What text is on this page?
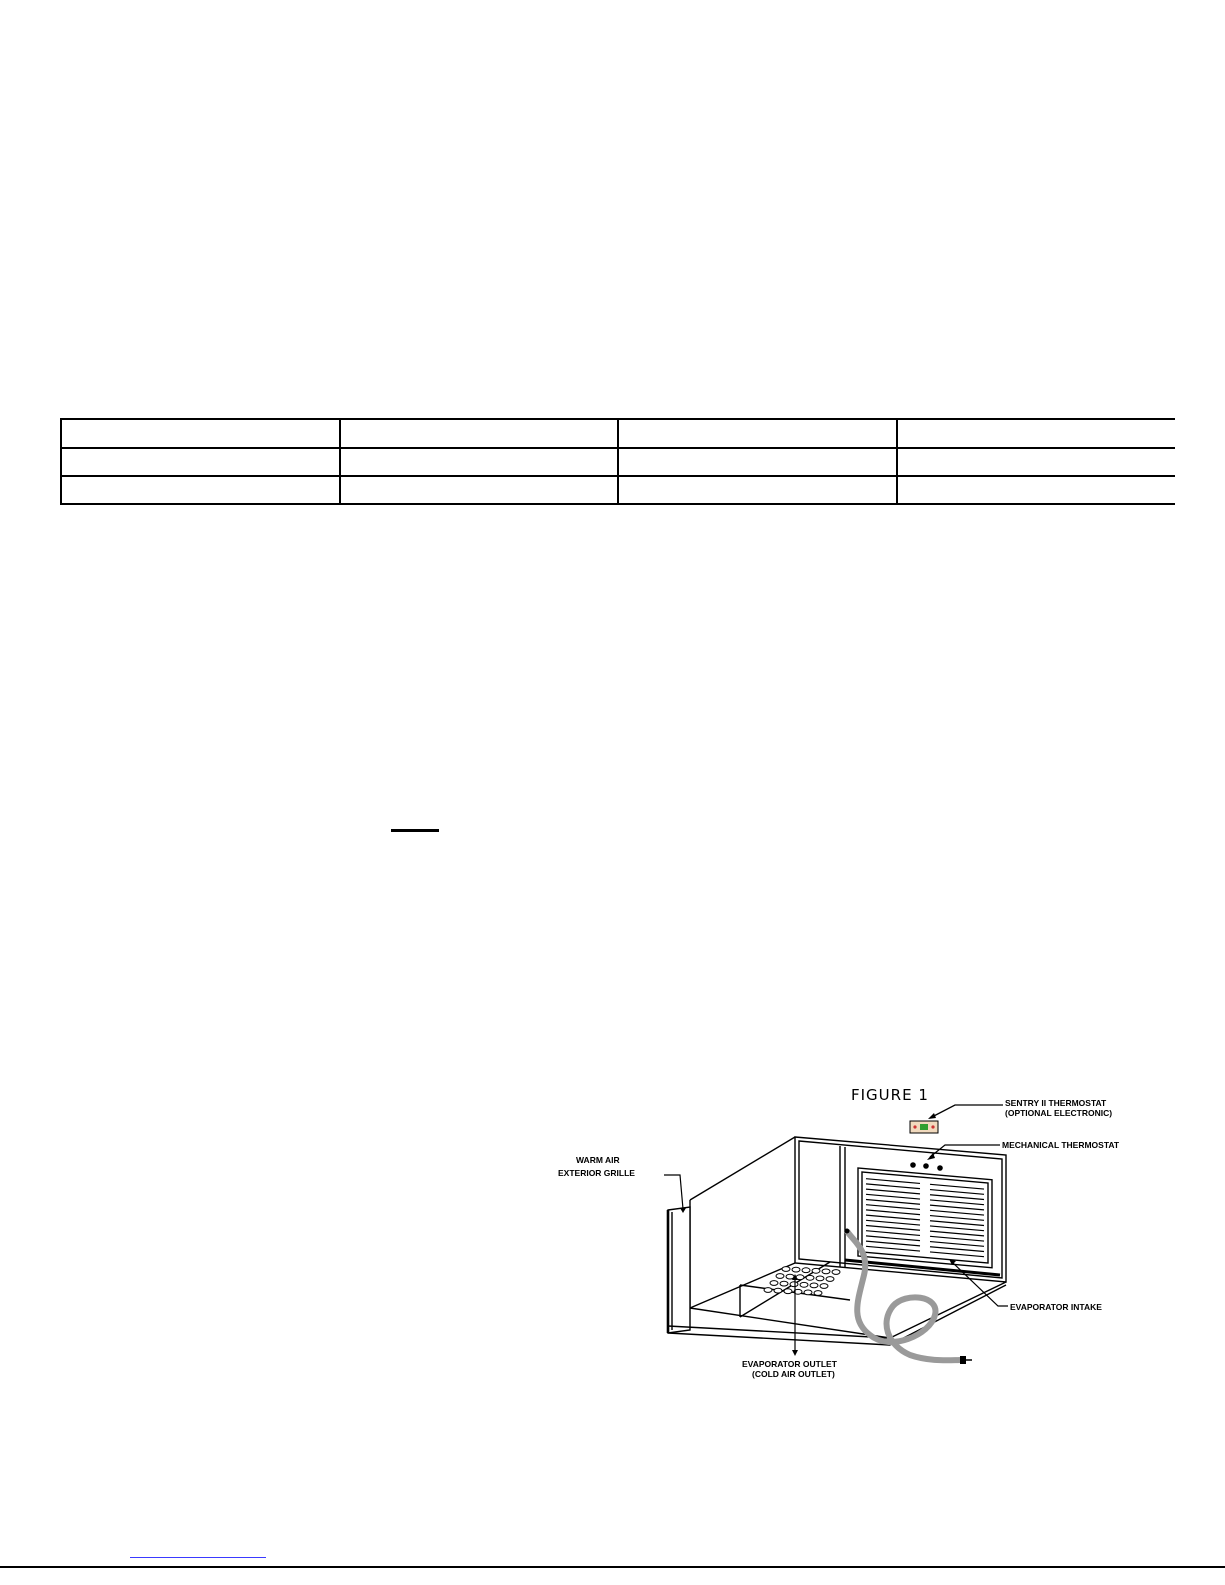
FIGURE 1	SENTRY II THERMOSTAT
(OPTIONAL ELECTRONIC)
MECHANICAL THERMOSTAT
WARM AIR
EXTERIOR GRILLE
EVAPORATOR INTAKE
EVAPORATOR OUTLET
(COLD AIR OUTLET)
